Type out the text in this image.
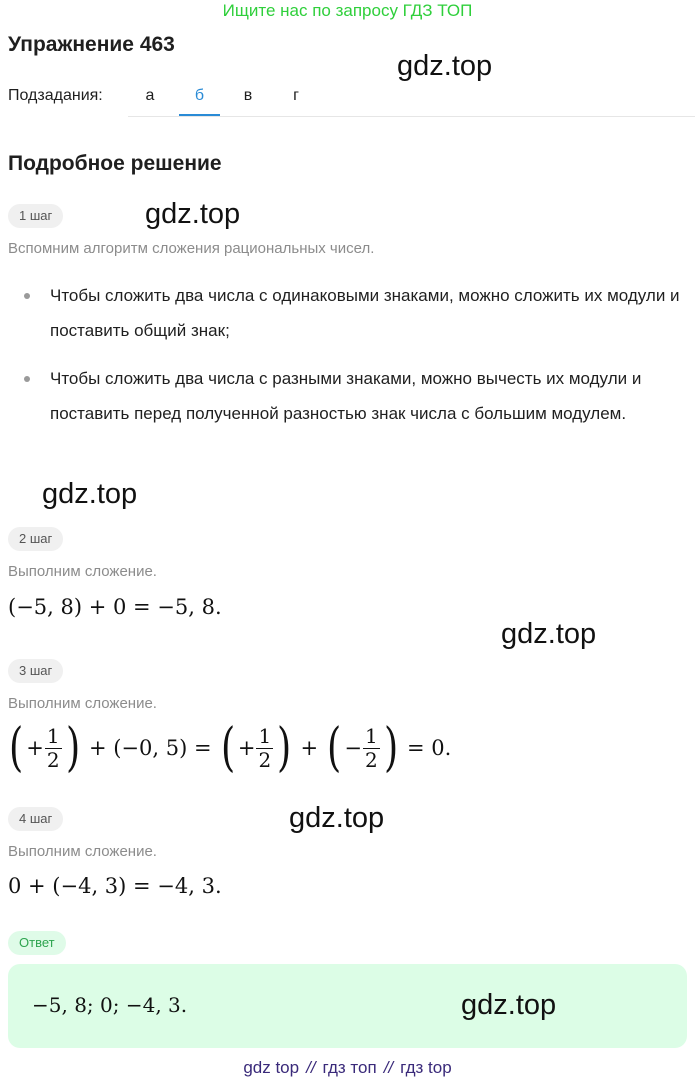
Ищите нас по запросу ГДЗ ТОП
Упражнение 463
gdz.top
Подзадания:	а	б	в	г
Подробное решение
1 шаг	gdz.top
Вспомним алгоритм сложения рациональных чисел.
Чтобы сложить два числа с одинаковыми знаками, можно сложить их модули и поставить общий знак;
Чтобы сложить два числа с разными знаками, можно вычесть их модули и поставить перед полученной разностью знак числа с большим модулем.
gdz.top
2 шаг
Выполним сложение.
(−5, 8) + 0 = −5, 8.
gdz.top
3 шаг
Выполним сложение.
( + $\frac{1}{2}$ ) + (−0, 5) = ( + $\frac{1}{2}$ ) + ( − $\frac{1}{2}$ ) = 0.
4 шаг	gdz.top
Выполним сложение.
0 + (−4, 3) = −4, 3.
Ответ
−5, 8; 0; −4, 3.	gdz.top
gdz top // гдз топ // гдз top
